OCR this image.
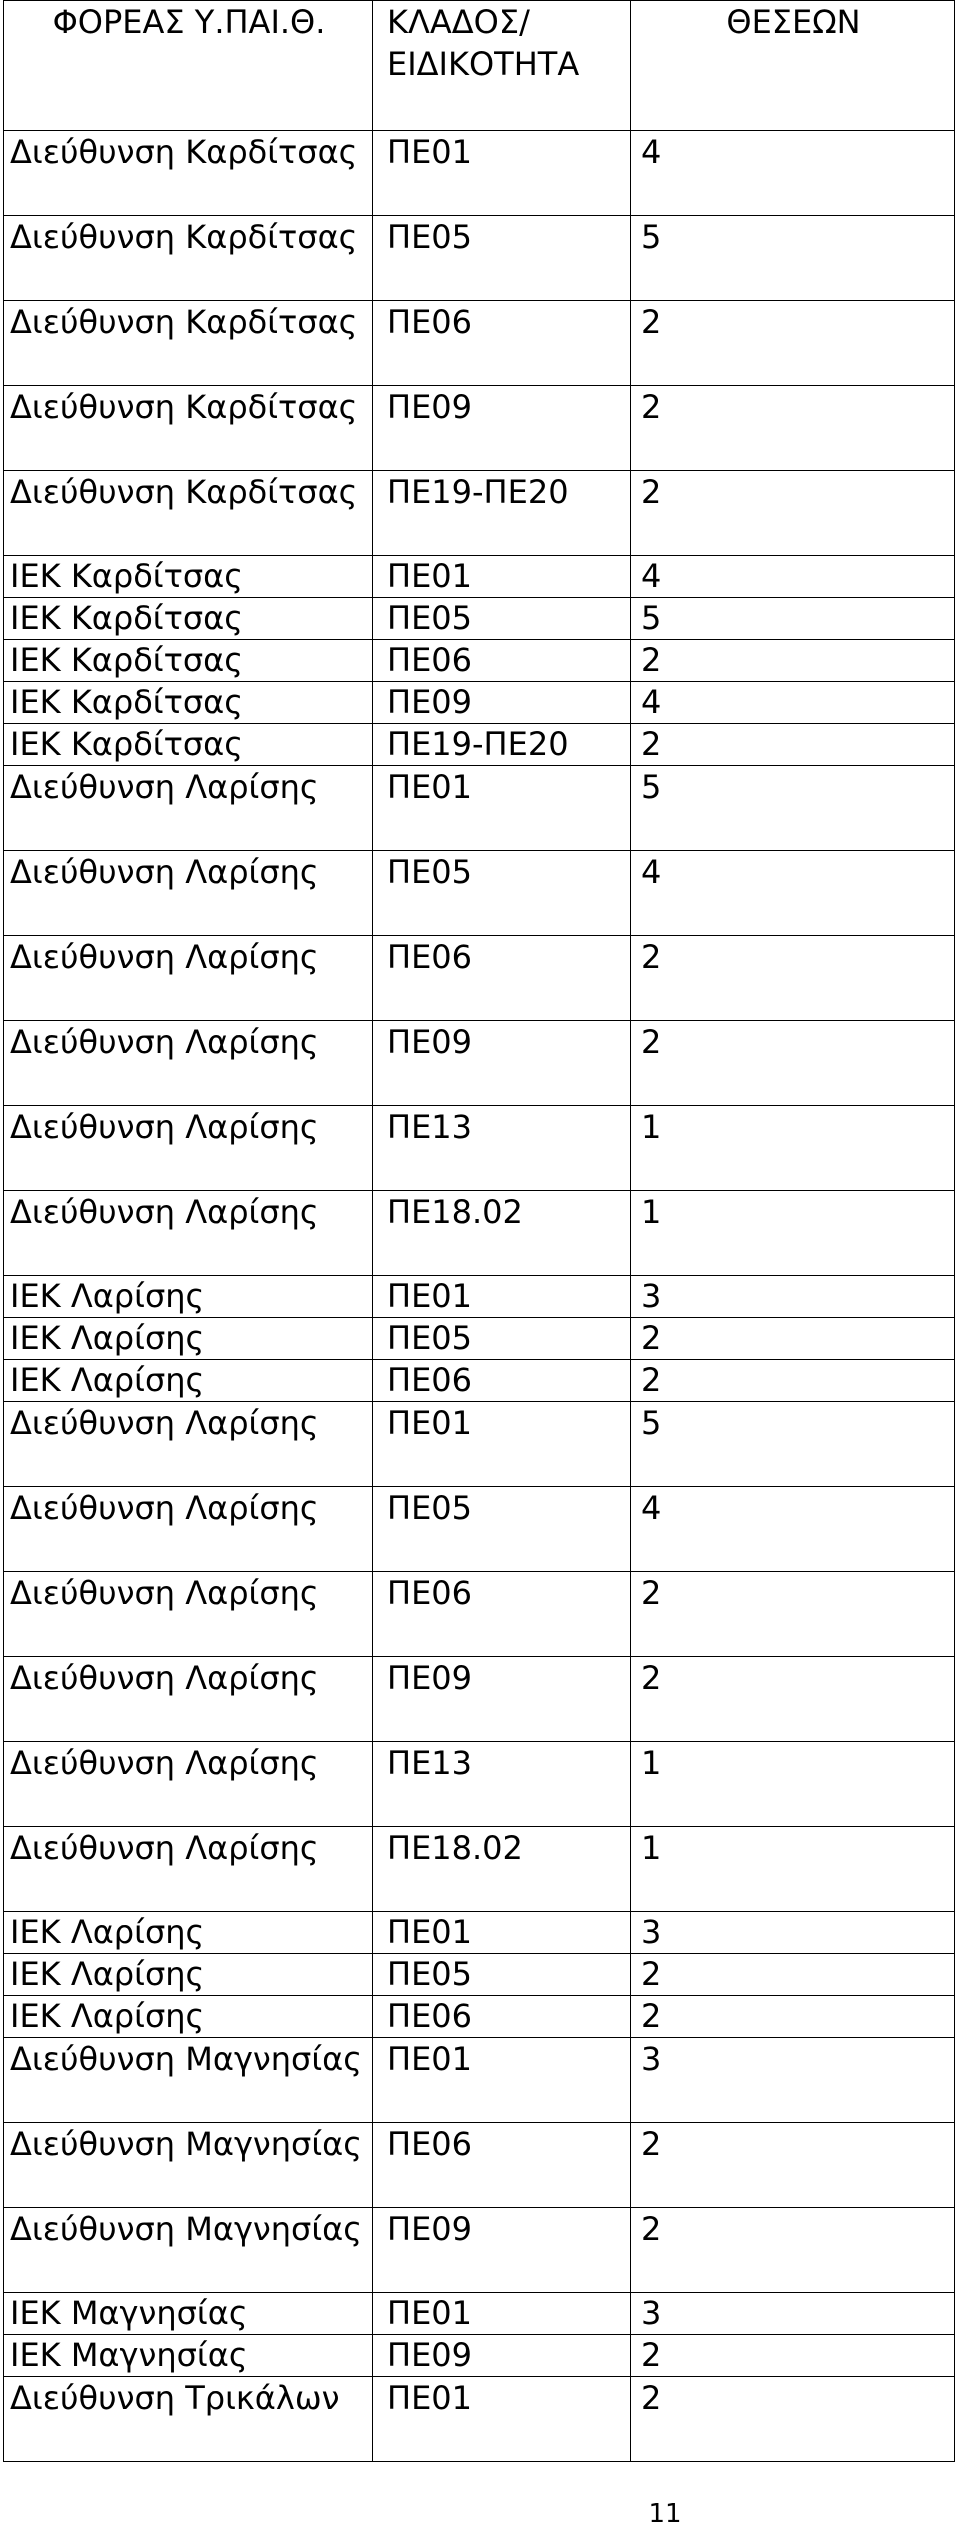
ΦΟΡΕΑΣ Υ.ΠΑΙ.Θ.	ΚΛΑΔΟΣ/ ΕΙΔΙΚΟΤΗΤΑ	ΘΕΣΕΩΝ
Διεύθυνση Καρδίτσας	ΠΕ01	4
Διεύθυνση Καρδίτσας	ΠΕ05	5
Διεύθυνση Καρδίτσας	ΠΕ06	2
Διεύθυνση Καρδίτσας	ΠΕ09	2
Διεύθυνση Καρδίτσας	ΠΕ19-ΠΕ20	2
ΙΕΚ Καρδίτσας	ΠΕ01	4
ΙΕΚ Καρδίτσας	ΠΕ05	5
ΙΕΚ Καρδίτσας	ΠΕ06	2
ΙΕΚ Καρδίτσας	ΠΕ09	4
ΙΕΚ Καρδίτσας	ΠΕ19-ΠΕ20	2
Διεύθυνση Λαρίσης	ΠΕ01	5
Διεύθυνση Λαρίσης	ΠΕ05	4
Διεύθυνση Λαρίσης	ΠΕ06	2
Διεύθυνση Λαρίσης	ΠΕ09	2
Διεύθυνση Λαρίσης	ΠΕ13	1
Διεύθυνση Λαρίσης	ΠΕ18.02	1
ΙΕΚ Λαρίσης	ΠΕ01	3
ΙΕΚ Λαρίσης	ΠΕ05	2
ΙΕΚ Λαρίσης	ΠΕ06	2
Διεύθυνση Λαρίσης	ΠΕ01	5
Διεύθυνση Λαρίσης	ΠΕ05	4
Διεύθυνση Λαρίσης	ΠΕ06	2
Διεύθυνση Λαρίσης	ΠΕ09	2
Διεύθυνση Λαρίσης	ΠΕ13	1
Διεύθυνση Λαρίσης	ΠΕ18.02	1
ΙΕΚ Λαρίσης	ΠΕ01	3
ΙΕΚ Λαρίσης	ΠΕ05	2
ΙΕΚ Λαρίσης	ΠΕ06	2
Διεύθυνση Μαγνησίας	ΠΕ01	3
Διεύθυνση Μαγνησίας	ΠΕ06	2
Διεύθυνση Μαγνησίας	ΠΕ09	2
ΙΕΚ Μαγνησίας	ΠΕ01	3
ΙΕΚ Μαγνησίας	ΠΕ09	2
Διεύθυνση Τρικάλων	ΠΕ01	2
11
